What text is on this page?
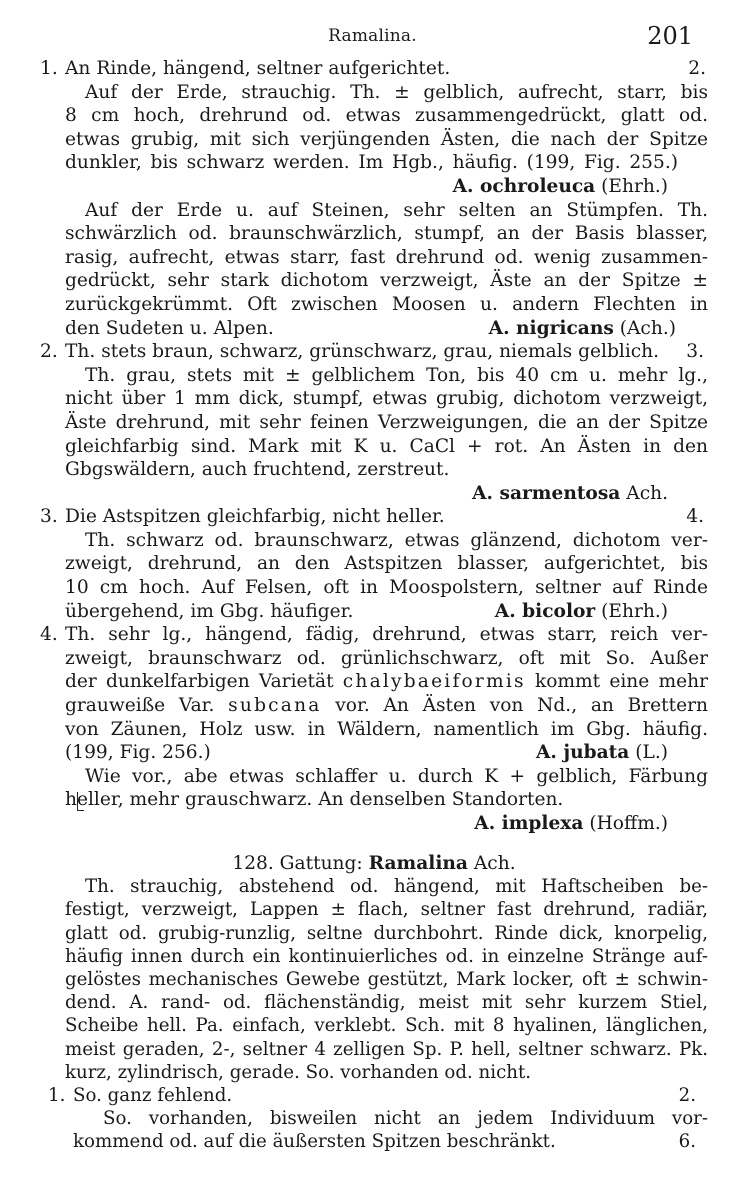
Ramalina.	201
1. An Rinde, hängend, seltner aufgerichtet.	2.
Auf der Erde, strauchig. Th. ± gelblich, aufrecht, starr, bis
8 cm hoch, drehrund od. etwas zusammengedrückt, glatt od.
etwas grubig, mit sich verjüngenden Ästen, die nach der Spitze
dunkler, bis schwarz werden. Im Hgb., häufig. (199, Fig. 255.)
A. ochroleuca (Ehrh.)
Auf der Erde u. auf Steinen, sehr selten an Stümpfen. Th.
schwärzlich od. braunschwärzlich, stumpf, an der Basis blasser,
rasig, aufrecht, etwas starr, fast drehrund od. wenig zusammen-
gedrückt, sehr stark dichotom verzweigt, Äste an der Spitze ±
zurückgekrümmt. Oft zwischen Moosen u. andern Flechten in
den Sudeten u. Alpen.	A. nigricans (Ach.)
2. Th. stets braun, schwarz, grünschwarz, grau, niemals gelblich.	3.
Th. grau, stets mit ± gelblichem Ton, bis 40 cm u. mehr lg.,
nicht über 1 mm dick, stumpf, etwas grubig, dichotom verzweigt,
Äste drehrund, mit sehr feinen Verzweigungen, die an der Spitze
gleichfarbig sind. Mark mit K u. CaCl + rot. An Ästen in den
Gbgswäldern, auch fruchtend, zerstreut.
A. sarmentosa Ach.
3. Die Astspitzen gleichfarbig, nicht heller.	4.
Th. schwarz od. braunschwarz, etwas glänzend, dichotom ver-
zweigt, drehrund, an den Astspitzen blasser, aufgerichtet, bis
10 cm hoch. Auf Felsen, oft in Moospolstern, seltner auf Rinde
übergehend, im Gbg. häufiger.	A. bicolor (Ehrh.)
4. Th. sehr lg., hängend, fädig, drehrund, etwas starr, reich ver-
zweigt, braunschwarz od. grünlichschwarz, oft mit So. Außer
der dunkelfarbigen Varietät chalybaeiformis kommt eine mehr
grauweiße Var. subcana vor. An Ästen von Nd., an Brettern
von Zäunen, Holz usw. in Wäldern, namentlich im Gbg. häufig.
(199, Fig. 256.)	A. jubata (L.)
Wie vor., abe etwas schlaffer u. durch K + gelblich, Färbung
heller, mehr grauschwarz. An denselben Standorten.
A. implexa (Hoffm.)
128. Gattung: Ramalina Ach.
Th. strauchig, abstehend od. hängend, mit Haftscheiben be-
festigt, verzweigt, Lappen ± flach, seltner fast drehrund, radiär,
glatt od. grubig-runzlig, seltne durchbohrt. Rinde dick, knorpelig,
häufig innen durch ein kontinuierliches od. in einzelne Stränge auf-
gelöstes mechanisches Gewebe gestützt, Mark locker, oft ± schwin-
dend. A. rand- od. flächenständig, meist mit sehr kurzem Stiel,
Scheibe hell. Pa. einfach, verklebt. Sch. mit 8 hyalinen, länglichen,
meist geraden, 2-, seltner 4 zelligen Sp. P. hell, seltner schwarz. Pk.
kurz, zylindrisch, gerade. So. vorhanden od. nicht.
1. So. ganz fehlend.	2.
So. vorhanden, bisweilen nicht an jedem Individuum vor-
kommend od. auf die äußersten Spitzen beschränkt.	6.
